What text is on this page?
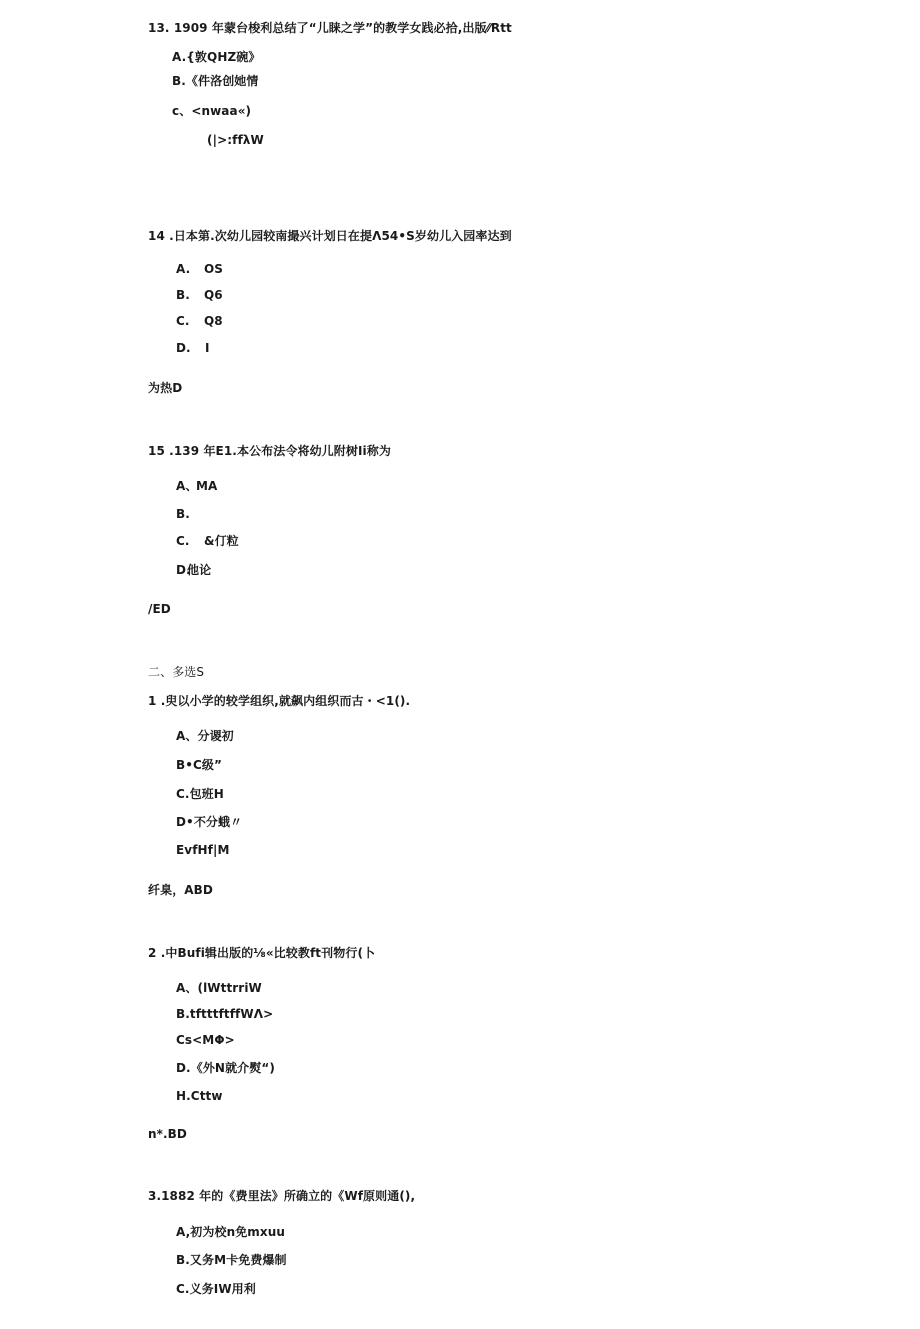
13. 1909 年蒙台梭利总结了“儿睐之学”的教学女践必拾,出版⁄⁄Rtt
A.{敦QHZ碗》
B.《件洛创她情
c、<nwaa«)
(|>:ffλW
14 .日本第.次幼儿园较南撮兴计划日在提Λ54•S岁幼儿入园率达到
A. OS
B. Q6
C. Q8
D. I
为热D
15 .139 年E1.本公布法令将幼儿附树Ii称为
A、
MA
B.
C. &仃粒
D.
他论
/ED
二、多选S
1 .臾以小学的较学组织,就飙内组织而古・<1().
A、分谡初
B•C级”
C.包班H
D•不分蛾〃
EvfHf|M
纤臬，ABD
2 .中Bufi辑出版的⅛«比较教ft刊物行(卜
A、(lWttrriW
B.tftttftffWΛ>
Cs<MΦ>
D.《外N就介熨“)
H.Cttw
n*.BD
3.1882 年的《费里法》所确立的《Wf原则通(),
A,初为校n免mxuu
B.又务M卡免费爆制
C.义务IW用利
